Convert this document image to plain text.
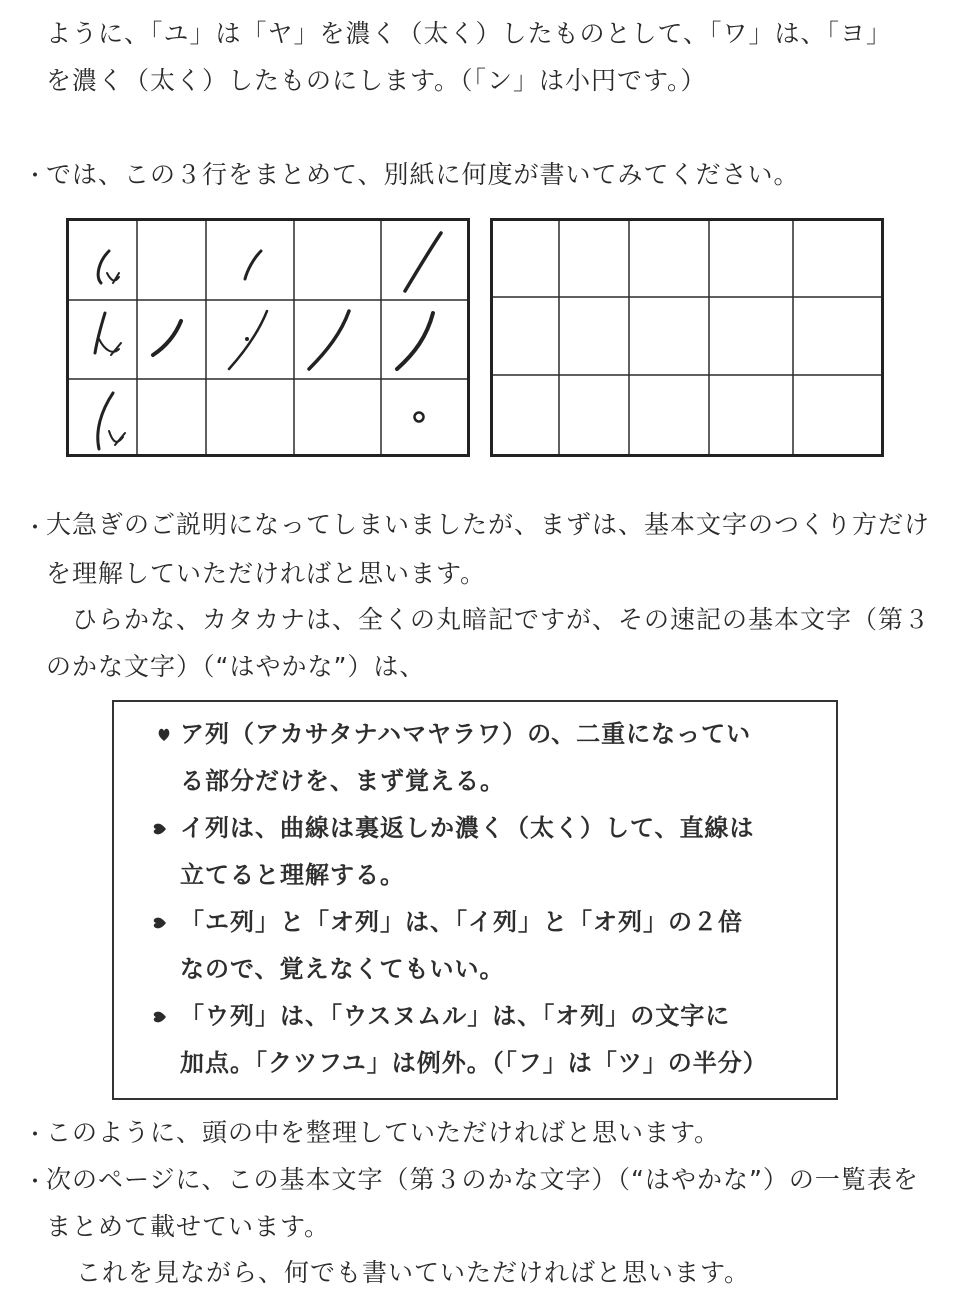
ように、「ユ」は「ヤ」を濃く（太く）したものとして、「ワ」は、「ヨ」
を濃く（太く）したものにします。（「ン」は小円です。）
・ では、この３行をまとめて、別紙に何度が書いてみてください。
・ 大急ぎのご説明になってしまいましたが、まずは、基本文字のつくり方だけ
を理解していただければと思います。
ひらかな、カタカナは、全くの丸暗記ですが、その速記の基本文字（第３
のかな文字）（“はやかな”）は、
ア列（アカサタナハマヤラワ）の、二重になってい
る部分だけを、まず覚える。
イ列は、曲線は裏返しか濃く（太く）して、直線は
立てると理解する。
「エ列」と「オ列」は、「イ列」と「オ列」の２倍
なので、覚えなくてもいい。
「ウ列」は、「ウスヌムル」は、「オ列」の文字に
加点。「クツフユ」は例外。（「フ」は「ツ」の半分）
・ このように、頭の中を整理していただければと思います。
・ 次のページに、この基本文字（第３のかな文字）（“はやかな”）の一覧表を
まとめて載せています。
これを見ながら、何でも書いていただければと思います。
